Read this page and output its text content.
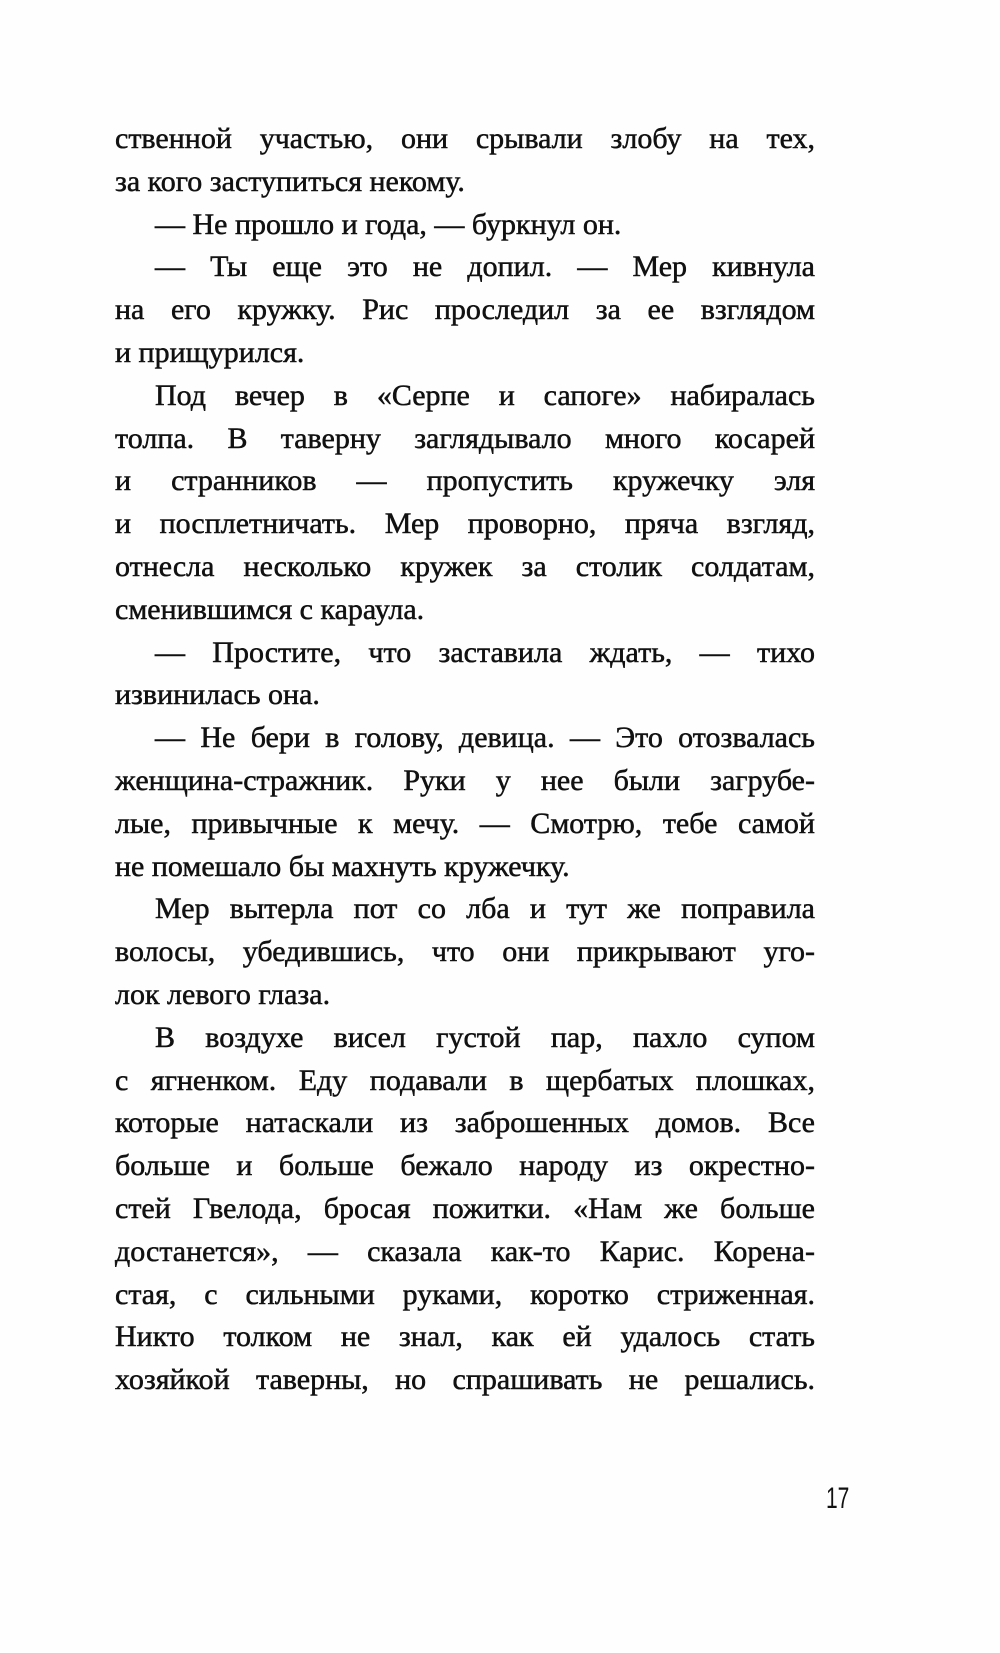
ственной участью, они срывали злобу на тех,
за кого заступиться некому.
— Не прошло и года, — буркнул он.
— Ты еще это не допил. — Мер кивнула
на его кружку. Рис проследил за ее взглядом
и прищурился.
Под вечер в «Серпе и сапоге» набиралась
толпа. В таверну заглядывало много косарей
и странников — пропустить кружечку эля
и посплетничать. Мер проворно, пряча взгляд,
отнесла несколько кружек за столик солдатам,
сменившимся с караула.
— Простите, что заставила ждать, — тихо
извинилась она.
— Не бери в голову, девица. — Это отозвалась
женщина-стражник. Руки у нее были загрубе-
лые, привычные к мечу. — Смотрю, тебе самой
не помешало бы махнуть кружечку.
Мер вытерла пот со лба и тут же поправила
волосы, убедившись, что они прикрывают уго-
лок левого глаза.
В воздухе висел густой пар, пахло супом
с ягненком. Еду подавали в щербатых плошках,
которые натаскали из заброшенных домов. Все
больше и больше бежало народу из окрестно-
стей Гвелода, бросая пожитки. «Нам же больше
достанется», — сказала как-то Карис. Корена-
стая, с сильными руками, коротко стриженная.
Никто толком не знал, как ей удалось стать
хозяйкой таверны, но спрашивать не решались.
17
